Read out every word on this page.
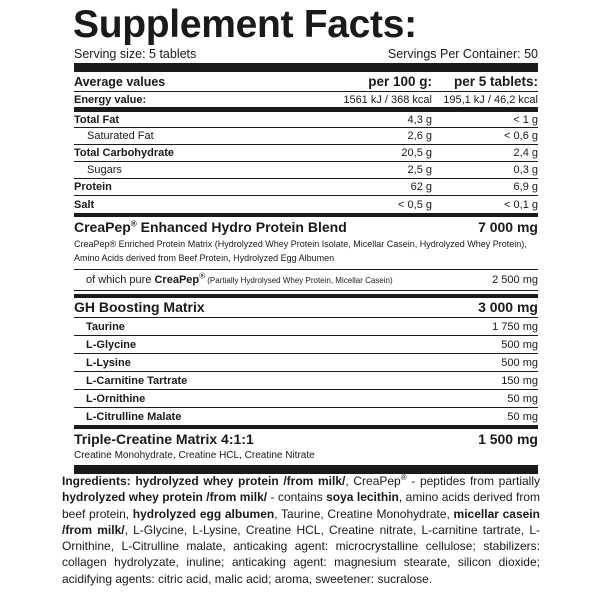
Supplement Facts:
Serving size: 5 tablets	Servings Per Container: 50
Average values	per 100 g:	per 5 tablets:
Energy value:	1561 kJ / 368 kcal	195,1 kJ / 46,2 kcal
Total Fat	4,3 g	< 1 g
Saturated Fat	2,6 g	< 0,6 g
Total Carbohydrate	20,5 g	2,4 g
Sugars	2,5 g	0,3 g
Protein	62 g	6,9 g
Salt	< 0,5 g	< 0,1 g
CreaPep® Enhanced Hydro Protein Blend	7 000 mg
CreaPep® Enriched Protein Matrix (Hydrolyzed Whey Protein Isolate, Micellar Casein, Hydrolyzed Whey Protein),
Amino Acids derived from Beef Protein, Hydrolyzed Egg Albumen
of which pure CreaPep® (Partially Hydrolysed Whey Protein, Micellar Casein)	2 500 mg
GH Boosting Matrix	3 000 mg
Taurine	1 750 mg
L-Glycine	500 mg
L-Lysine	500 mg
L-Carnitine Tartrate	150 mg
L-Ornithine	50 mg
L-Citrulline Malate	50 mg
Triple-Creatine Matrix 4:1:1	1 500 mg
Creatine Monohydrate, Creatine HCL, Creatine Nitrate
Ingredients: hydrolyzed whey protein /from milk/, CreaPep® - peptides from partially hydrolyzed whey protein /from milk/ - contains soya lecithin, amino acids derived from beef protein, hydrolyzed egg albumen, Taurine, Creatine Monohydrate, micellar casein /from milk/, L-Glycine, L-Lysine, Creatine HCL, Creatine nitrate, L-carnitine tartrate, L-Ornithine, L-Citrulline malate, anticaking agent: microcrystalline cellulose; stabilizers: collagen hydrolyzate, inuline; anticaking agent: magnesium stearate, silicon dioxide; acidifying agents: citric acid, malic acid; aroma, sweetener: sucralose.
